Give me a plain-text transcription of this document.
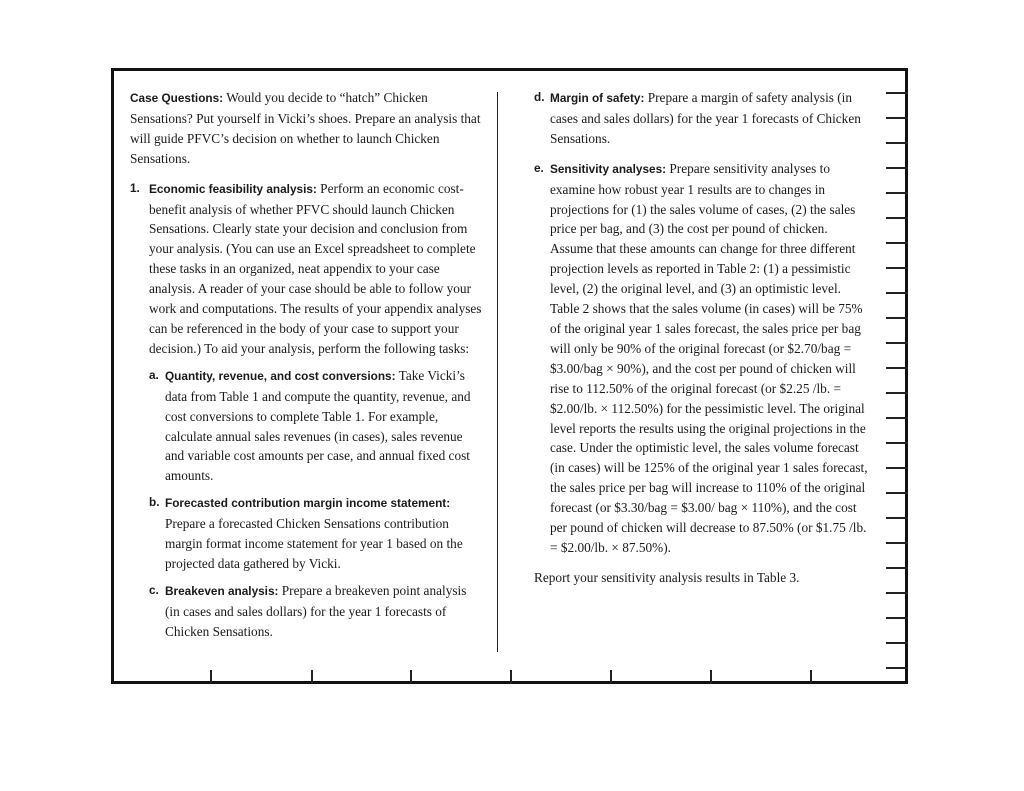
Case Questions: Would you decide to “hatch” Chicken Sensations? Put yourself in Vicki’s shoes. Prepare an analysis that will guide PFVC’s decision on whether to launch Chicken Sensations.

1. Economic feasibility analysis: Perform an economic cost-benefit analysis of whether PFVC should launch Chicken Sensations. Clearly state your decision and conclusion from your analysis. (You can use an Excel spreadsheet to complete these tasks in an organized, neat appendix to your case analysis. A reader of your case should be able to follow your work and computations. The results of your appendix analyses can be referenced in the body of your case to support your decision.) To aid your analysis, perform the following tasks:

a. Quantity, revenue, and cost conversions: Take Vicki’s data from Table 1 and compute the quantity, revenue, and cost conversions to complete Table 1. For example, calculate annual sales revenues (in cases), sales revenue and variable cost amounts per case, and annual fixed cost amounts.

b. Forecasted contribution margin income statement: Prepare a forecasted Chicken Sensations contribution margin format income statement for year 1 based on the projected data gathered by Vicki.

c. Breakeven analysis: Prepare a breakeven point analysis (in cases and sales dollars) for the year 1 forecasts of Chicken Sensations.

d. Margin of safety: Prepare a margin of safety analysis (in cases and sales dollars) for the year 1 forecasts of Chicken Sensations.

e. Sensitivity analyses: Prepare sensitivity analyses to examine how robust year 1 results are to changes in projections for (1) the sales volume of cases, (2) the sales price per bag, and (3) the cost per pound of chicken. Assume that these amounts can change for three different projection levels as reported in Table 2: (1) a pessimistic level, (2) the original level, and (3) an optimistic level. Table 2 shows that the sales volume (in cases) will be 75% of the original year 1 sales forecast, the sales price per bag will only be 90% of the original forecast (or $2.70/bag = $3.00/bag × 90%), and the cost per pound of chicken will rise to 112.50% of the original forecast (or $2.25 /lb. = $2.00/lb. × 112.50%) for the pessimistic level. The original level reports the results using the original projections in the case. Under the optimistic level, the sales volume forecast (in cases) will be 125% of the original year 1 sales forecast, the sales price per bag will increase to 110% of the original forecast (or $3.30/bag = $3.00/ bag × 110%), and the cost per pound of chicken will decrease to 87.50% (or $1.75 /lb. = $2.00/lb. × 87.50%).

Report your sensitivity analysis results in Table 3.
